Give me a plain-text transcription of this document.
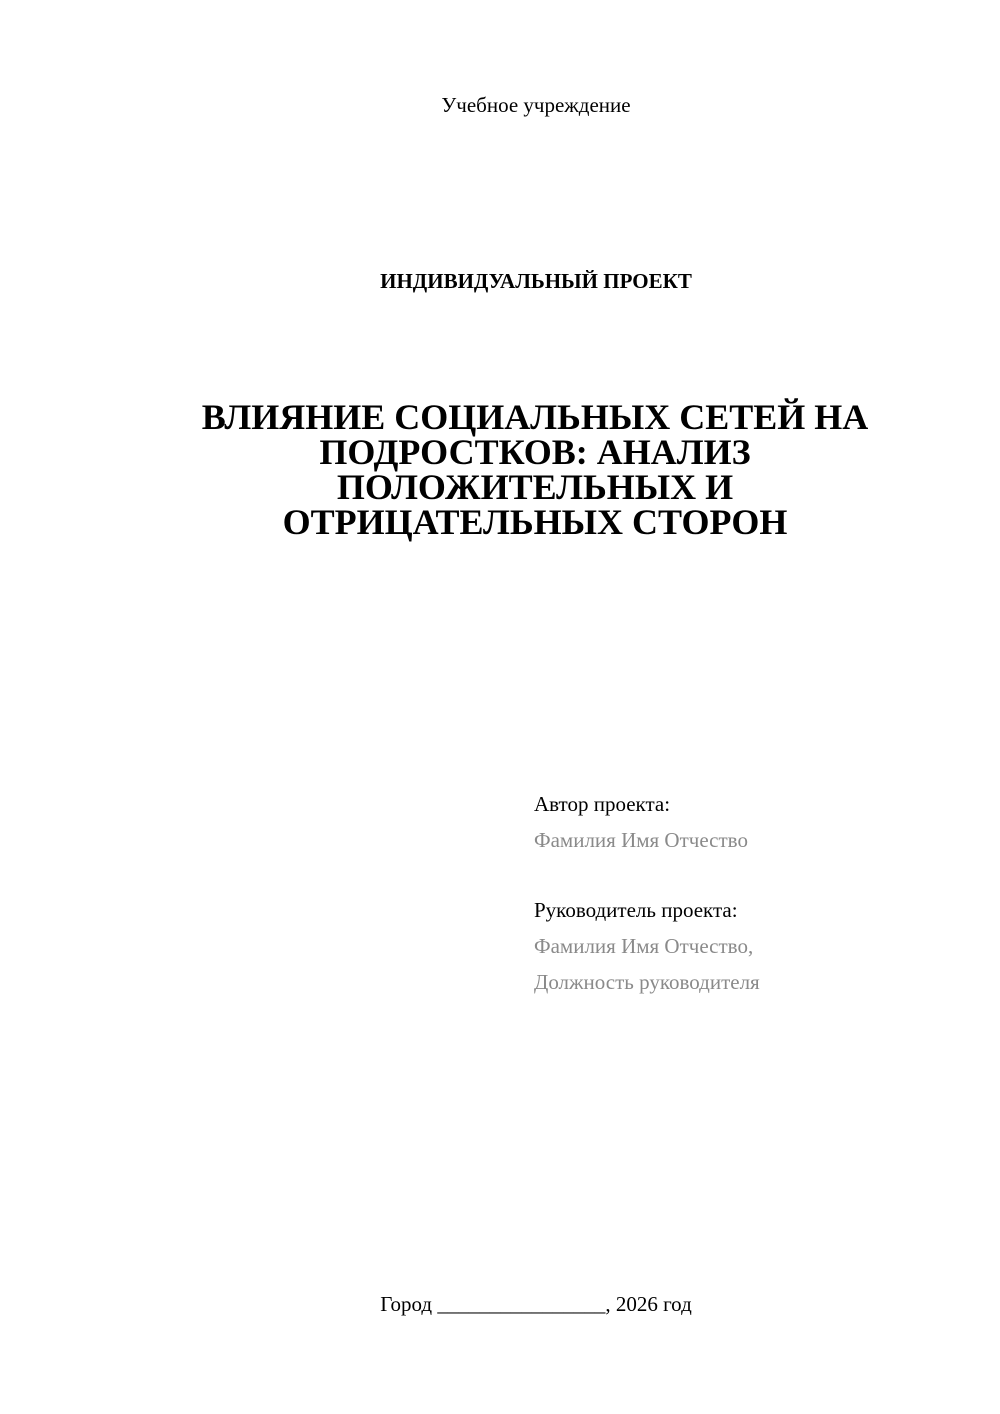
Учебное учреждение
ИНДИВИДУАЛЬНЫЙ ПРОЕКТ
ВЛИЯНИЕ СОЦИАЛЬНЫХ СЕТЕЙ НА
ПОДРОСТКОВ: АНАЛИЗ
ПОЛОЖИТЕЛЬНЫХ И
ОТРИЦАТЕЛЬНЫХ СТОРОН
Автор проекта:
Фамилия Имя Отчество
Руководитель проекта:
Фамилия Имя Отчество,
Должность руководителя
Город ________________, 2026 год
